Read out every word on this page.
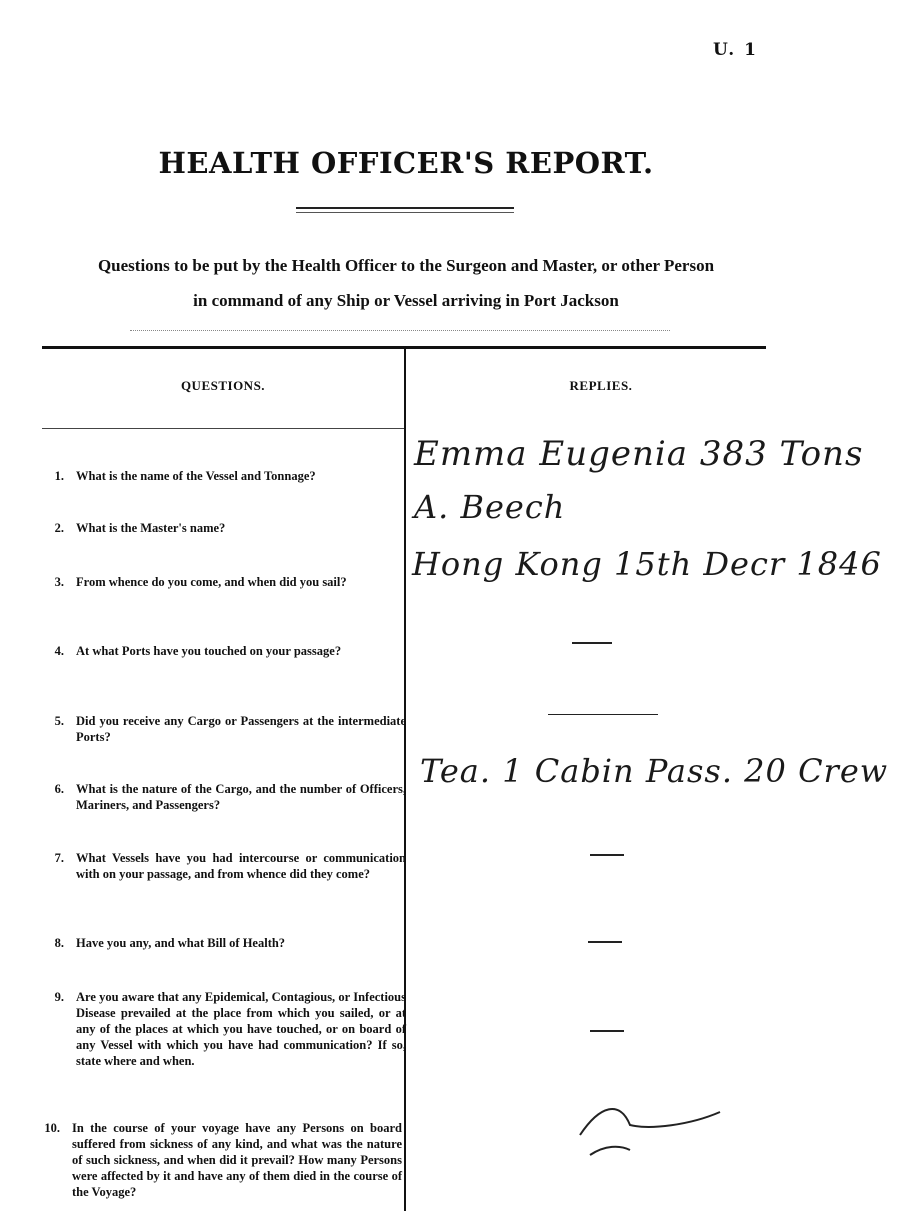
U. 1
HEALTH OFFICER'S REPORT.
Questions to be put by the Health Officer to the Surgeon and Master, or other Person
in command of any Ship or Vessel arriving in Port Jackson
QUESTIONS.	REPLIES.
1. What is the name of the Vessel and Tonnage?
2. What is the Master's name?
3. From whence do you come, and when did you sail?
4. At what Ports have you touched on your passage?
5. Did you receive any Cargo or Passengers at the intermediate Ports?
6. What is the nature of the Cargo, and the number of Officers, Mariners, and Passengers?
7. What Vessels have you had intercourse or communication with on your passage, and from whence did they come?
8. Have you any, and what Bill of Health?
9. Are you aware that any Epidemical, Contagious, or Infectious Disease prevailed at the place from which you sailed, or at any of the places at which you have touched, or on board of any Vessel with which you have had communication? If so, state where and when.
10. In the course of your voyage have any Persons on board suffered from sickness of any kind, and what was the nature of such sickness, and when did it prevail? How many Persons were affected by it and have any of them died in the course of the Voyage?
Emma Eugenia 383 Tons
A. Beech
Hong Kong 15th Decr 1846
Tea. 1 Cabin Pass. 20 Crew
